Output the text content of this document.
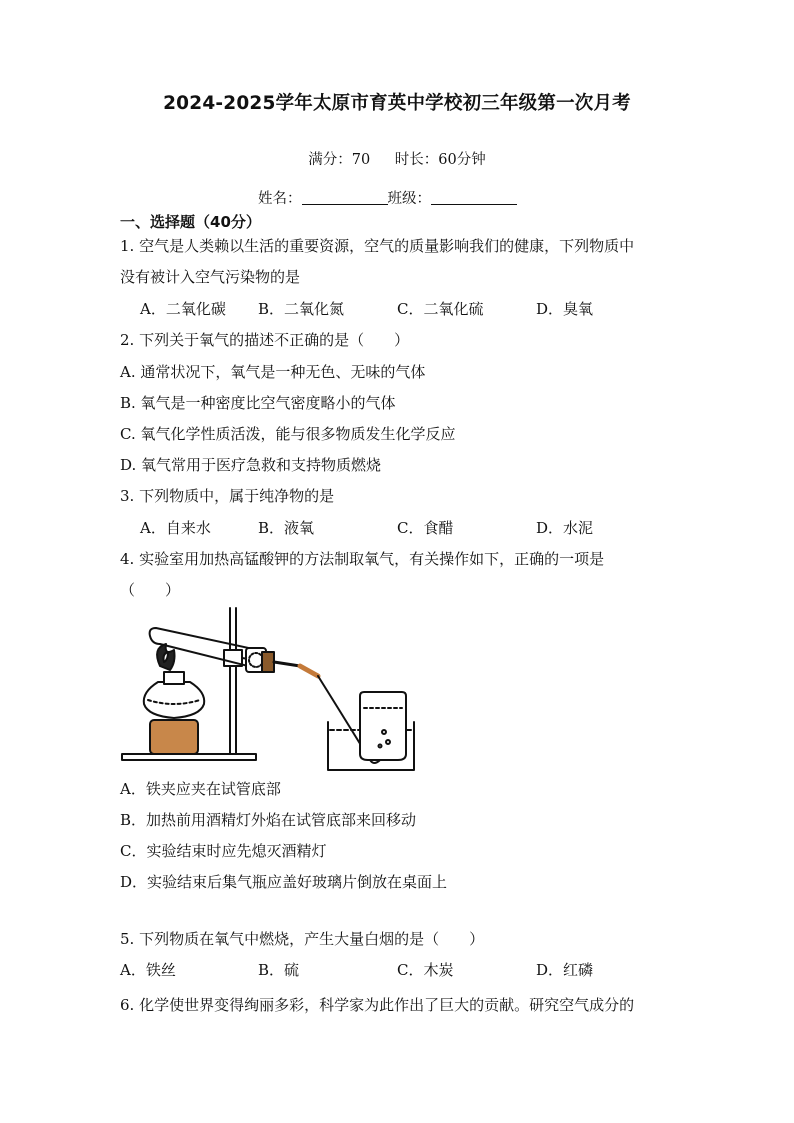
2024-2025学年太原市育英中学校初三年级第一次月考
满分：70 时长：60分钟
姓名：	班级：
一、选择题（40分）
1. 空气是人类赖以生活的重要资源，空气的质量影响我们的健康，下列物质中
没有被计入空气污染物的是
A．二氧化碳 B．二氧化氮	C．二氧化硫	D．臭氧
2. 下列关于氧气的描述不正确的是（　　）
A. 通常状况下，氧气是一种无色、无味的气体
B. 氧气是一种密度比空气密度略小的气体
C. 氧气化学性质活泼，能与很多物质发生化学反应
D. 氧气常用于医疗急救和支持物质燃烧
3. 下列物质中，属于纯净物的是
A．自来水	B．液氧	C．食醋	D．水泥
4. 实验室用加热高锰酸钾的方法制取氧气，有关操作如下，正确的一项是
（　　）
A．铁夹应夹在试管底部
B．加热前用酒精灯外焰在试管底部来回移动
C．实验结束时应先熄灭酒精灯
D．实验结束后集气瓶应盖好玻璃片倒放在桌面上
5. 下列物质在氧气中燃烧，产生大量白烟的是（　　）
A．铁丝	B．硫	C．木炭	D．红磷
6. 化学使世界变得绚丽多彩，科学家为此作出了巨大的贡献。研究空气成分的
